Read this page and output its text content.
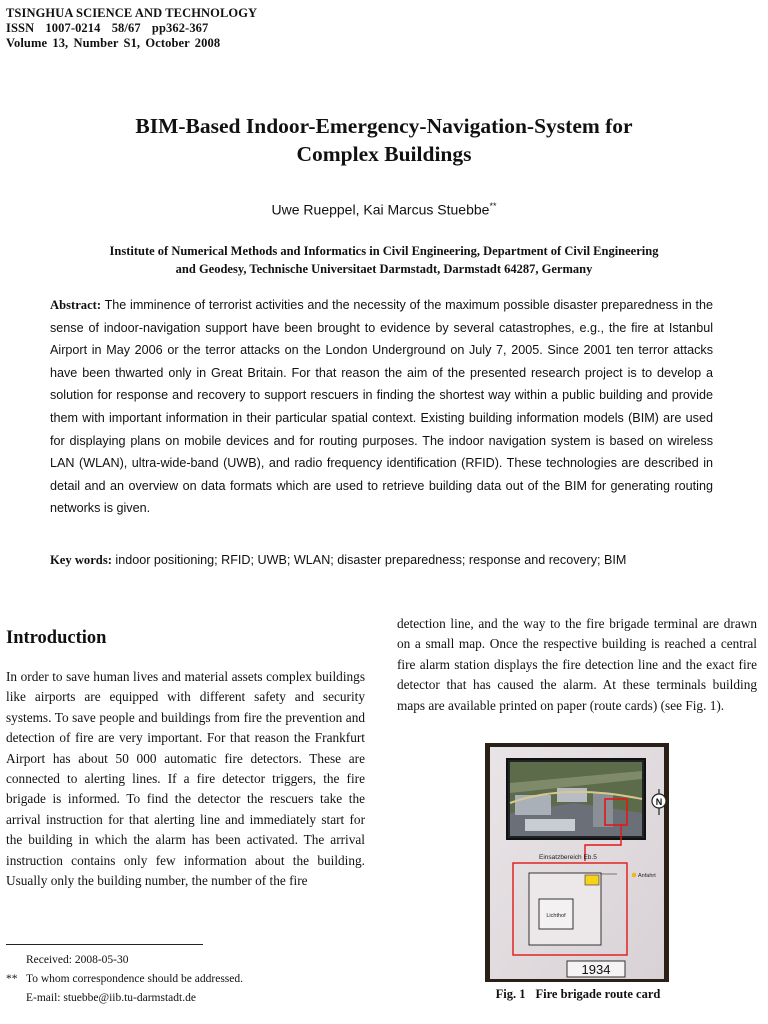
TSINGHUA SCIENCE AND TECHNOLOGY
ISSN 1007-0214 58/67 pp362-367
Volume 13, Number S1, October 2008
BIM-Based Indoor-Emergency-Navigation-System for
Complex Buildings
Uwe Rueppel, Kai Marcus Stuebbe**
Institute of Numerical Methods and Informatics in Civil Engineering, Department of Civil Engineering
and Geodesy, Technische Universitaet Darmstadt, Darmstadt 64287, Germany
Abstract: The imminence of terrorist activities and the necessity of the maximum possible disaster preparedness in the sense of indoor-navigation support have been brought to evidence by several catastrophes, e.g., the fire at Istanbul Airport in May 2006 or the terror attacks on the London Underground on July 7, 2005. Since 2001 ten terror attacks have been thwarted only in Great Britain. For that reason the aim of the presented research project is to develop a solution for response and recovery to support rescuers in finding the shortest way within a public building and provide them with important information in their particular spatial context. Existing building information models (BIM) are used for displaying plans on mobile devices and for routing purposes. The indoor navigation system is based on wireless LAN (WLAN), ultra-wide-band (UWB), and radio frequency identification (RFID). These technologies are described in detail and an overview on data formats which are used to retrieve building data out of the BIM for generating routing networks is given.
Key words: indoor positioning; RFID; UWB; WLAN; disaster preparedness; response and recovery; BIM
Introduction
In order to save human lives and material assets complex buildings like airports are equipped with different safety and security systems. To save people and buildings from fire the prevention and detection of fire are very important. For that reason the Frankfurt Airport has about 50 000 automatic fire detectors. These are connected to alerting lines. If a fire detector triggers, the fire brigade is informed. To find the detector the rescuers take the arrival instruction for that alerting line and immediately start for the building in which the alarm has been activated. The arrival instruction contains only few information about the building. Usually only the building number, the number of the fire
detection line, and the way to the fire brigade terminal are drawn on a small map. Once the respective building is reached a central fire alarm station displays the fire detection line and the exact fire detector that has caused the alarm. At these terminals building maps are available printed on paper (route cards) (see Fig. 1).
Received: 2008-05-30
** To whom correspondence should be addressed.
E-mail: stuebbe@iib.tu-darmstadt.de
N
Einsatzbereich Eb.5
Lichthof
Anfahrt
1934
Fig. 1 Fire brigade route card
